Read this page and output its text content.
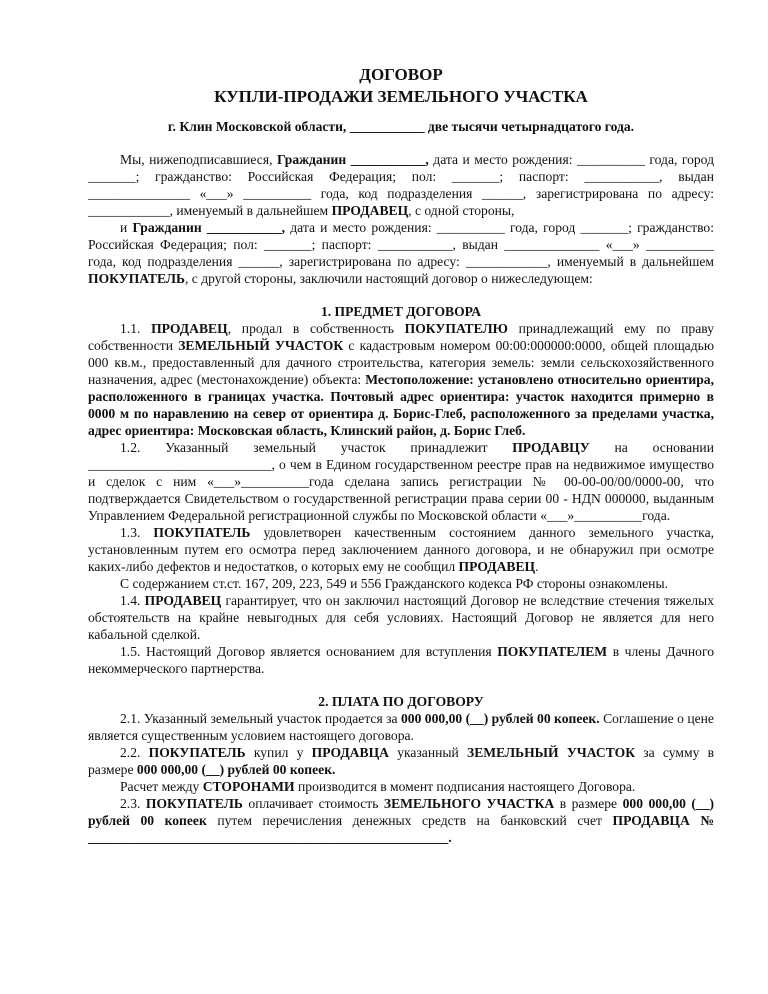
ДОГОВОР
КУПЛИ-ПРОДАЖИ ЗЕМЕЛЬНОГО УЧАСТКА
г. Клин Московской области, ___________ две тысячи четырнадцатого года.

Мы, нижеподписавшиеся, Гражданин ___________, дата и место рождения: __________ года, город _______; гражданство: Российская Федерация; пол: _______; паспорт: ___________, выдан _______________ «___» __________ года, код подразделения ______, зарегистрирована по адресу: ____________, именуемый в дальнейшем ПРОДАВЕЦ, с одной стороны,

и Гражданин ___________, дата и место рождения: __________ года, город _______; гражданство: Российская Федерация; пол: _______; паспорт: ___________, выдан ______________ «___» __________ года, код подразделения ______, зарегистрирована по адресу: ____________, именуемый в дальнейшем ПОКУПАТЕЛЬ, с другой стороны, заключили настоящий договор о нижеследующем:

1. ПРЕДМЕТ ДОГОВОРА

1.1. ПРОДАВЕЦ, продал в собственность ПОКУПАТЕЛЮ принадлежащий ему по праву собственности ЗЕМЕЛЬНЫЙ УЧАСТОК с кадастровым номером 00:00:000000:0000, общей площадью 000 кв.м., предоставленный для дачного строительства, категория земель: земли сельскохозяйственного назначения, адрес (местонахождение) объекта: Местоположение: установлено относительно ориентира, расположенного в границах участка. Почтовый адрес ориентира: участок находится примерно в 0000 м по наравлению на север от ориентира д. Борис-Глеб, расположенного за пределами участка, адрес ориентира: Московская область, Клинский район, д. Борис Глеб.

1.2. Указанный земельный участок принадлежит ПРОДАВЦУ на основании ___________________________, о чем в Едином государственном реестре прав на недвижимое имущество и сделок с ним «___»__________года сделана запись регистрации № 00-00-00/00/0000-00, что подтверждается Свидетельством о государственной регистрации права серии 00 - НДN 000000, выданным Управлением Федеральной регистрационной службы по Московской области «___»__________года.

1.3. ПОКУПАТЕЛЬ удовлетворен качественным состоянием данного земельного участка, установленным путем его осмотра перед заключением данного договора, и не обнаружил при осмотре каких-либо дефектов и недостатков, о которых ему не сообщил ПРОДАВЕЦ.

С содержанием ст.ст. 167, 209, 223, 549 и 556 Гражданского кодекса РФ стороны ознакомлены.

1.4. ПРОДАВЕЦ гарантирует, что он заключил настоящий Договор не вследствие стечения тяжелых обстоятельств на крайне невыгодных для себя условиях. Настоящий Договор не является для него кабальной сделкой.

1.5. Настоящий Договор является основанием для вступления ПОКУПАТЕЛЕМ в члены Дачного некоммерческого партнерства.

2. ПЛАТА ПО ДОГОВОРУ

2.1. Указанный земельный участок продается за 000 000,00 (__) рублей 00 копеек. Соглашение о цене является существенным условием настоящего договора.

2.2. ПОКУПАТЕЛЬ купил у ПРОДАВЦА указанный ЗЕМЕЛЬНЫЙ УЧАСТОК за сумму в размере 000 000,00 (__) рублей 00 копеек.

Расчет между СТОРОНАМИ производится в момент подписания настоящего Договора.

2.3. ПОКУПАТЕЛЬ оплачивает стоимость ЗЕМЕЛЬНОГО УЧАСТКА в размере 000 000,00 (__) рублей 00 копеек путем перечисления денежных средств на банковский счет ПРОДАВЦА № _____________________________________________________.
